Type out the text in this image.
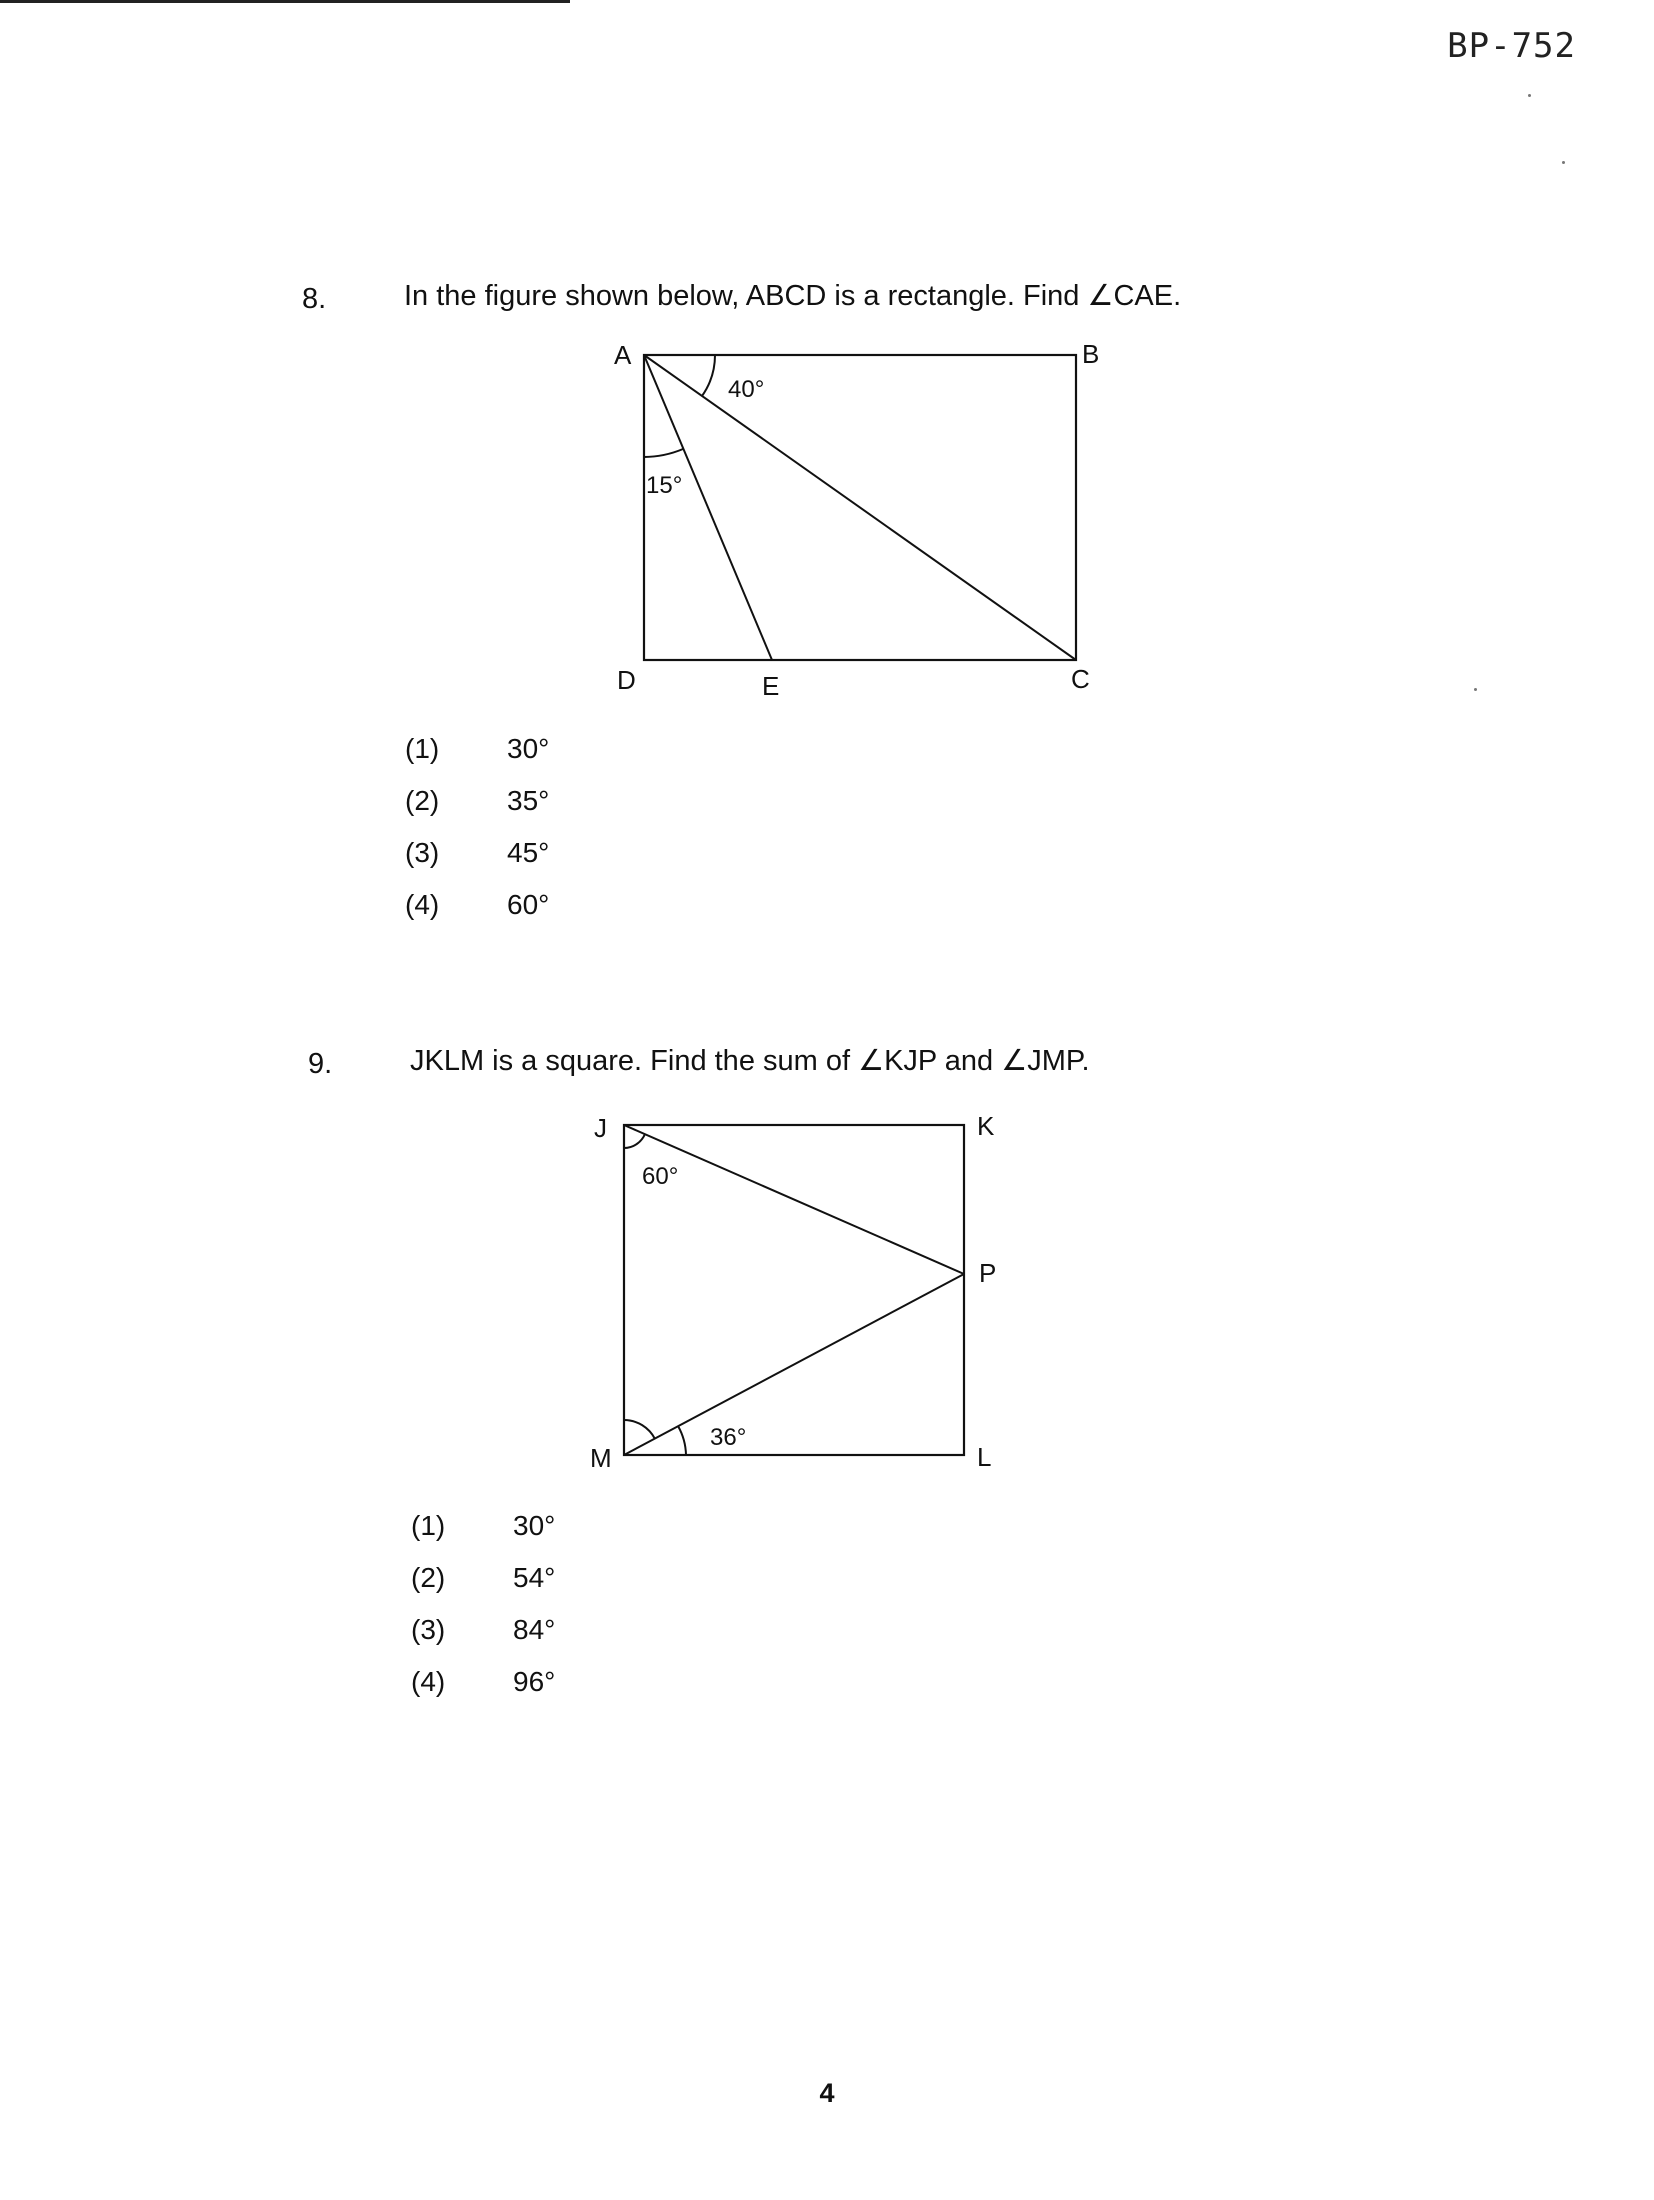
BP-752
8.	In the figure shown below, ABCD is a rectangle. Find ∠CAE.
A	B
C
D	E
40°
15°
(1)	30°
(2)	35°
(3)	45°
(4)	60°
9.	JKLM is a square. Find the sum of ∠KJP and ∠JMP.
J	K
P
L
M
60°
36°
(1)	30°
(2)	54°
(3)	84°
(4)	96°
4
